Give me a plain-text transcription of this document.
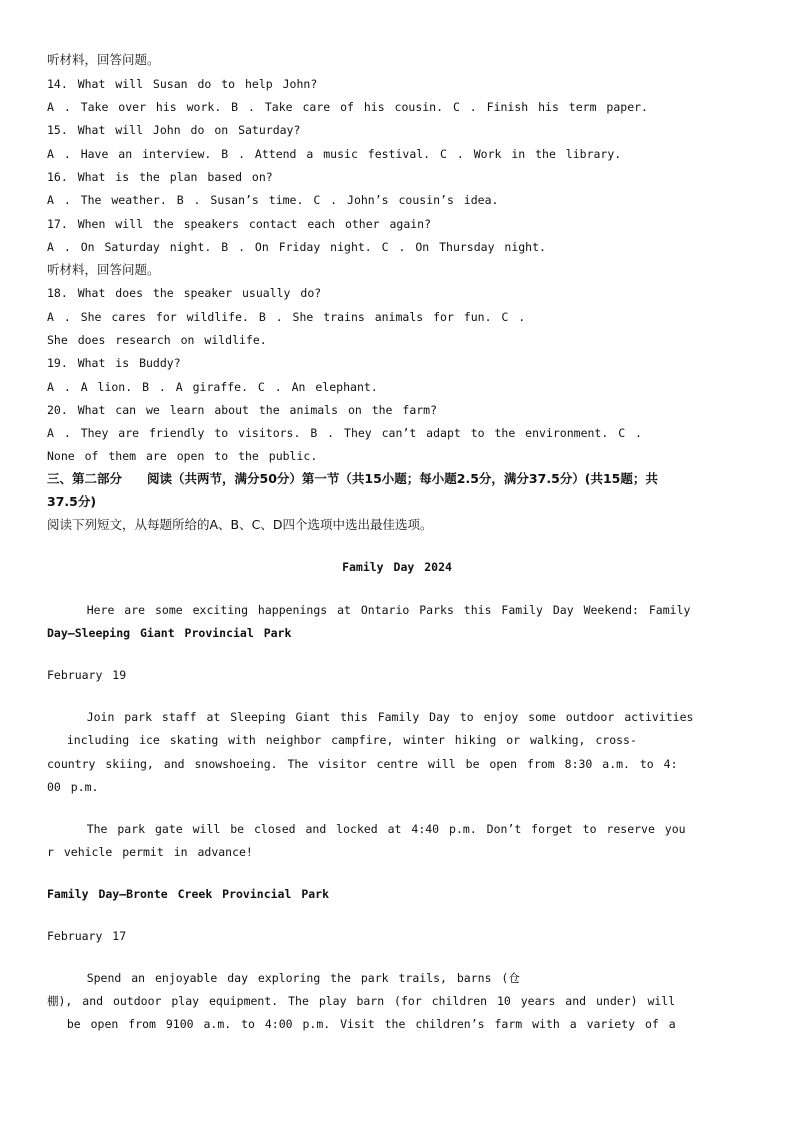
听材料，回答问题。
14. What will Susan do to help John?
A . Take over his work. B . Take care of his cousin. C . Finish his term paper.
15. What will John do on Saturday?
A . Have an interview. B . Attend a music festival. C . Work in the library.
16. What is the plan based on?
A . The weather. B . Susan’s time. C . John’s cousin’s idea.
17. When will the speakers contact each other again?
A . On Saturday night. B . On Friday night. C . On Thursday night.
听材料，回答问题。
18. What does the speaker usually do?
A . She cares for wildlife. B . She trains animals for fun. C .
She does research on wildlife.
19. What is Buddy?
A . A lion. B . A giraffe. C . An elephant.
20. What can we learn about the animals on the farm?
A . They are friendly to visitors. B . They can’t adapt to the environment. C .
None of them are open to the public.
三、第二部分　　阅读（共两节，满分50分）第一节（共15小题；每小题2.5分，满分37.5分）(共15题；共
37.5分)
阅读下列短文，从每题所给的A、B、C、D四个选项中选出最佳选项。
Family Day 2024
Here are some exciting happenings at Ontario Parks this Family Day Weekend: Family
Day—Sleeping Giant Provincial Park
February 19
Join park staff at Sleeping Giant this Family Day to enjoy some outdoor activities
including ice skating with neighbor campfire, winter hiking or walking, cross-
country skiing, and snowshoeing. The visitor centre will be open from 8:30 a.m. to 4:
00 p.m.
The park gate will be closed and locked at 4:40 p.m. Don’t forget to reserve you
r vehicle permit in advance!
Family Day—Bronte Creek Provincial Park
February 17
Spend an enjoyable day exploring the park trails, barns (仓
棚), and outdoor play equipment. The play barn (for children 10 years and under) will
be open from 9100 a.m. to 4:00 p.m. Visit the children’s farm with a variety of a
